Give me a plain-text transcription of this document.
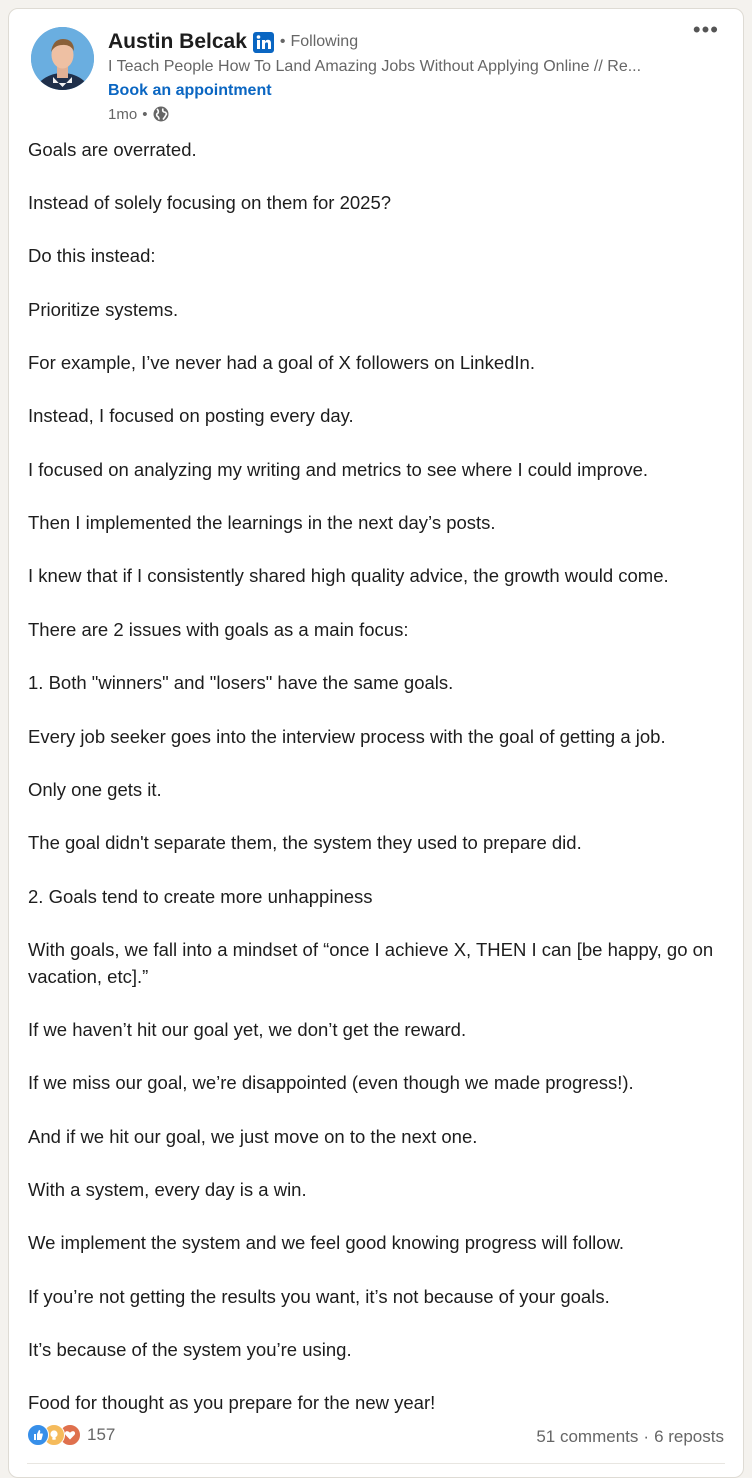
Austin Belcak • Following
I Teach People How To Land Amazing Jobs Without Applying Online // Re...
Book an appointment
1mo •
•••
Goals are overrated.
Instead of solely focusing on them for 2025?
Do this instead:
Prioritize systems.
For example, I’ve never had a goal of X followers on LinkedIn.
Instead, I focused on posting every day.
I focused on analyzing my writing and metrics to see where I could improve.
Then I implemented the learnings in the next day’s posts.
I knew that if I consistently shared high quality advice, the growth would come.
There are 2 issues with goals as a main focus:
1. Both "winners" and "losers" have the same goals.
Every job seeker goes into the interview process with the goal of getting a job.
Only one gets it.
The goal didn't separate them, the system they used to prepare did.
2. Goals tend to create more unhappiness
With goals, we fall into a mindset of “once I achieve X, THEN I can [be happy, go on vacation, etc].”
If we haven’t hit our goal yet, we don’t get the reward.
If we miss our goal, we’re disappointed (even though we made progress!).
And if we hit our goal, we just move on to the next one.
With a system, every day is a win.
We implement the system and we feel good knowing progress will follow.
If you’re not getting the results you want, it’s not because of your goals.
It’s because of the system you’re using.
Food for thought as you prepare for the new year!
157	51 comments · 6 reposts
